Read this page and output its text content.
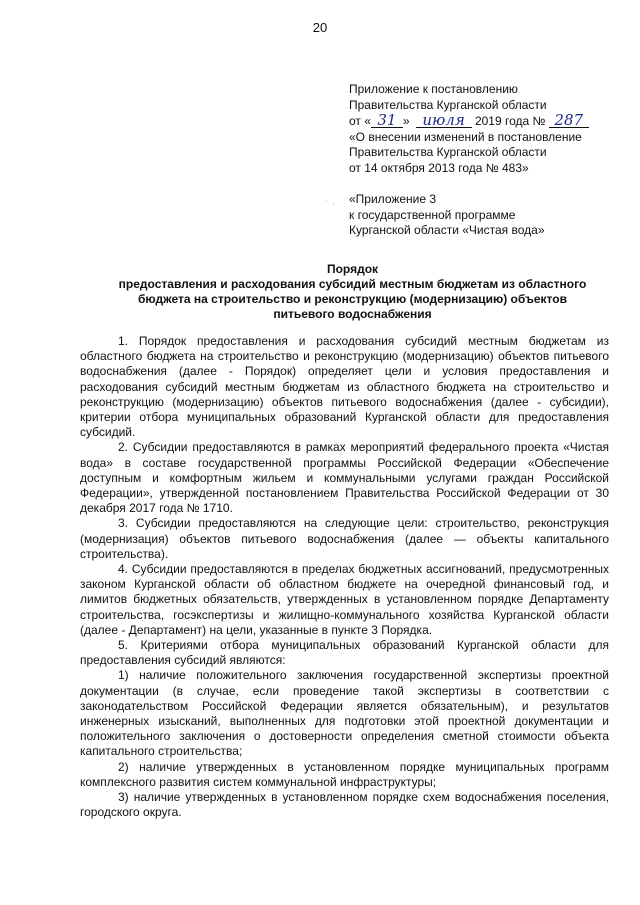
20
Приложение к постановлению
Правительства Курганской области
от « 31 » июля 2019 года № 287
«О внесении изменений в постановление
Правительства Курганской области
от 14 октября 2013 года № 483»
˙ · «Приложение 3
к государственной программе
Курганской области «Чистая вода»
Порядок
предоставления и расходования субсидий местным бюджетам из областного
бюджета на строительство и реконструкцию (модернизацию) объектов
питьевого водоснабжения

1. Порядок предоставления и расходования субсидий местным бюджетам из областного бюджета на строительство и реконструкцию (модернизацию) объектов питьевого водоснабжения (далее - Порядок) определяет цели и условия предоставления и расходования субсидий местным бюджетам из областного бюджета на строительство и реконструкцию (модернизацию) объектов питьевого водоснабжения (далее - субсидии), критерии отбора муниципальных образований Курганской области для предоставления субсидий.

2. Субсидии предоставляются в рамках мероприятий федерального проекта «Чистая вода» в составе государственной программы Российской Федерации «Обеспечение доступным и комфортным жильем и коммунальными услугами граждан Российской Федерации», утвержденной постановлением Правительства Российской Федерации от 30 декабря 2017 года № 1710.

3. Субсидии предоставляются на следующие цели: строительство, реконструкция (модернизация) объектов питьевого водоснабжения (далее — объекты капитального строительства).

4. Субсидии предоставляются в пределах бюджетных ассигнований, предусмотренных законом Курганской области об областном бюджете на очередной финансовый год, и лимитов бюджетных обязательств, утвержденных в установленном порядке Департаменту строительства, госэкспертизы и жилищно-коммунального хозяйства Курганской области (далее - Департамент) на цели, указанные в пункте 3 Порядка.

5. Критериями отбора муниципальных образований Курганской области для предоставления субсидий являются:

1) наличие положительного заключения государственной экспертизы проектной документации (в случае, если проведение такой экспертизы в соответствии с законодательством Российской Федерации является обязательным), и результатов инженерных изысканий, выполненных для подготовки этой проектной документации и положительного заключения о достоверности определения сметной стоимости объекта капитального строительства;

2) наличие утвержденных в установленном порядке муниципальных программ комплексного развития систем коммунальной инфраструктуры;

3) наличие утвержденных в установленном порядке схем водоснабжения поселения, городского округа.
